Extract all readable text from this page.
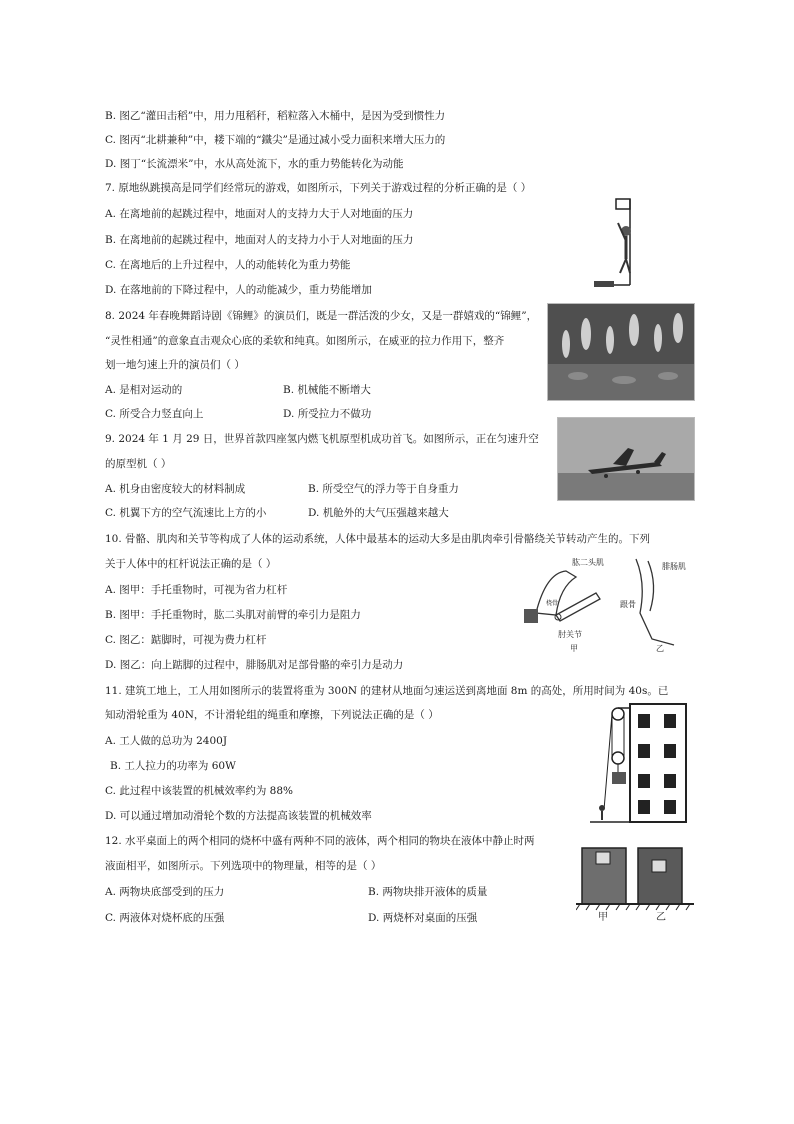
B. 图乙“灌田击稻”中，用力甩稻秆，稻粒落入木桶中，是因为受到惯性力
C. 图丙“北耕兼种”中，耧下端的“鐵尖”是通过减小受力面积来增大压力的
D. 图丁“长流漂米”中，水从高处流下，水的重力势能转化为动能
7. 原地纵跳摸高是同学们经常玩的游戏，如图所示，下列关于游戏过程的分析正确的是（ ）
A. 在离地前的起跳过程中，地面对人的支持力大于人对地面的压力
B. 在离地前的起跳过程中，地面对人的支持力小于人对地面的压力
C. 在离地后的上升过程中，人的动能转化为重力势能
D. 在落地前的下降过程中，人的动能减少，重力势能增加
8. 2024 年春晚舞蹈诗剧《锦鲤》的演员们，既是一群活泼的少女，又是一群嬉戏的“锦鲤”，
“灵性相通”的意象直击观众心底的柔软和纯真。如图所示，在威亚的拉力作用下，整齐
划一地匀速上升的演员们（ ）
A. 是相对运动的	B. 机械能不断增大
C. 所受合力竖直向上	D. 所受拉力不做功
9. 2024 年 1 月 29 日，世界首款四座氢内燃飞机原型机成功首飞。如图所示，正在匀速升空
的原型机（ ）
A. 机身由密度较大的材料制成	B. 所受空气的浮力等于自身重力
C. 机翼下方的空气流速比上方的小	D. 机舱外的大气压强越来越大
10. 骨骼、肌肉和关节等构成了人体的运动系统，人体中最基本的运动大多是由肌肉牵引骨骼绕关节转动产生的。下列
关于人体中的杠杆说法正确的是（ ）
A. 图甲：手托重物时，可视为省力杠杆
B. 图甲：手托重物时，肱二头肌对前臂的牵引力是阻力
C. 图乙：踮脚时，可视为费力杠杆
D. 图乙：向上踮脚的过程中，腓肠肌对足部骨骼的牵引力是动力
肱二头肌
肘关节
桡骨
甲
腓肠肌
跟骨
乙
11. 建筑工地上，工人用如图所示的装置将重为 300N 的建材从地面匀速运送到离地面 8m 的高处，所用时间为 40s。已
知动滑轮重为 40N，不计滑轮组的绳重和摩擦，下列说法正确的是（ ）
A. 工人做的总功为 2400J
B. 工人拉力的功率为 60W
C. 此过程中该装置的机械效率约为 88%
D. 可以通过增加动滑轮个数的方法提高该装置的机械效率
12. 水平桌面上的两个相同的烧杯中盛有两种不同的液体，两个相同的物块在液体中静止时两
液面相平，如图所示。下列选项中的物理量，相等的是（ ）
A. 两物块底部受到的压力	B. 两物块排开液体的质量
C. 两液体对烧杯底的压强	D. 两烧杯对桌面的压强	甲	乙
